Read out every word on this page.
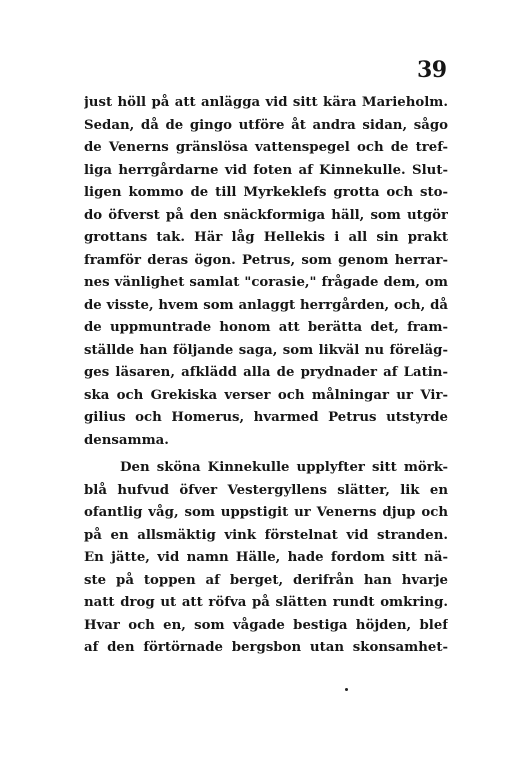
39
just höll på att anlägga vid sitt kära Marieholm.
Sedan, då de gingo utföre åt andra sidan, sågo
de Venerns gränslösa vattenspegel och de tref-
liga herrgårdarne vid foten af Kinnekulle. Slut-
ligen kommo de till Myrkeklefs grotta och sto-
do öfverst på den snäckformiga häll, som utgör
grottans tak. Här låg Hellekis i all sin prakt
framför deras ögon. Petrus, som genom herrar-
nes vänlighet samlat "corasie," frågade dem, om
de visste, hvem som anlaggt herrgården, och, då
de uppmuntrade honom att berätta det, fram-
ställde han följande saga, som likväl nu föreläg-
ges läsaren, afklädd alla de prydnader af Latin-
ska och Grekiska verser och målningar ur Vir-
gilius och Homerus, hvarmed Petrus utstyrde
densamma.
Den sköna Kinnekulle upplyfter sitt mörk-
blå hufvud öfver Vestergyllens slätter, lik en
ofantlig våg, som uppstigit ur Venerns djup och
på en allsmäktig vink förstelnat vid stranden.
En jätte, vid namn Hälle, hade fordom sitt nä-
ste på toppen af berget, derifrån han hvarje
natt drog ut att röfva på slätten rundt omkring.
Hvar och en, som vågade bestiga höjden, blef
af den förtörnade bergsbon utan skonsamhet-
